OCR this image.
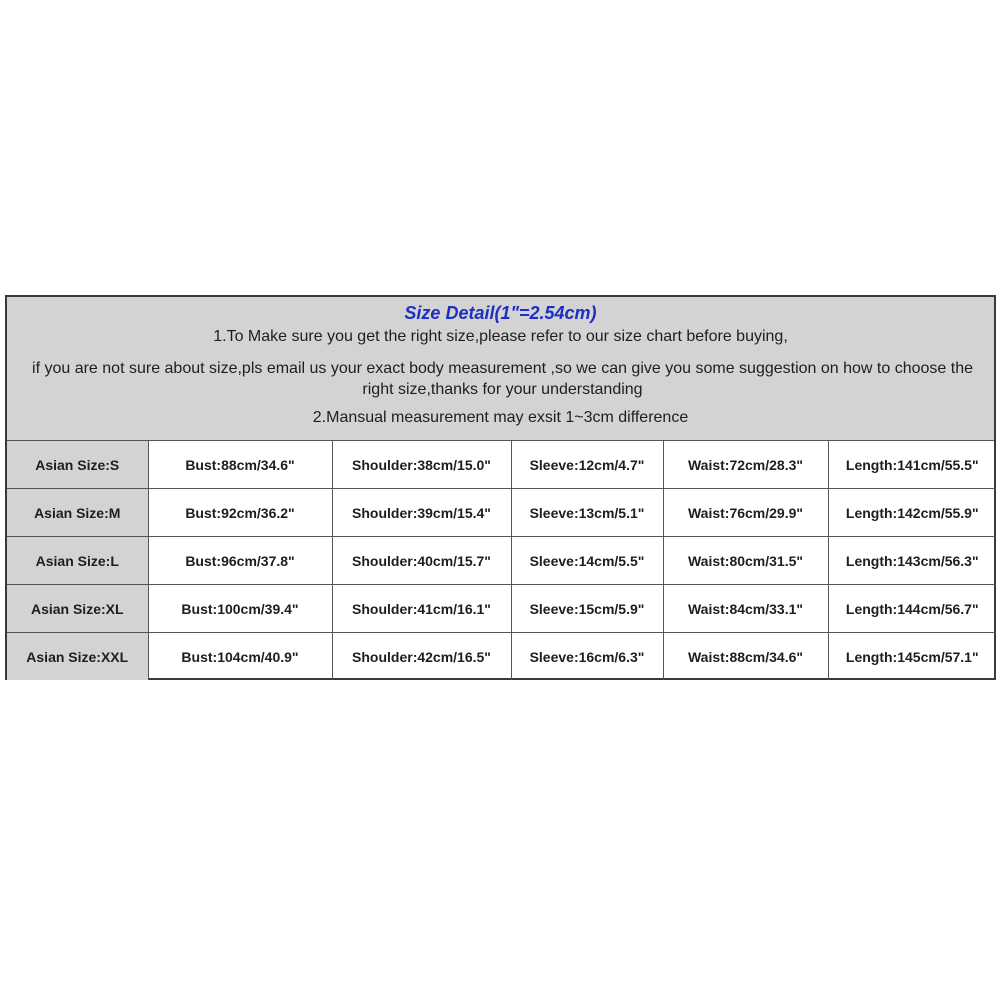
Size Detail(1"=2.54cm)
1.To Make sure you get the right size,please refer to our size chart before buying,
if you are not sure about size,pls email us your exact body measurement ,so we can give you some suggestion on how to choose the right size,thanks for your understanding
2.Mansual measurement may exsit 1~3cm difference
Asian Size:S	Bust:88cm/34.6"	Shoulder:38cm/15.0"	Sleeve:12cm/4.7"	Waist:72cm/28.3"	Length:141cm/55.5"
Asian Size:M	Bust:92cm/36.2"	Shoulder:39cm/15.4"	Sleeve:13cm/5.1"	Waist:76cm/29.9"	Length:142cm/55.9"
Asian Size:L	Bust:96cm/37.8"	Shoulder:40cm/15.7"	Sleeve:14cm/5.5"	Waist:80cm/31.5"	Length:143cm/56.3"
Asian Size:XL	Bust:100cm/39.4"	Shoulder:41cm/16.1"	Sleeve:15cm/5.9"	Waist:84cm/33.1"	Length:144cm/56.7"
Asian Size:XXL	Bust:104cm/40.9"	Shoulder:42cm/16.5"	Sleeve:16cm/6.3"	Waist:88cm/34.6"	Length:145cm/57.1"
